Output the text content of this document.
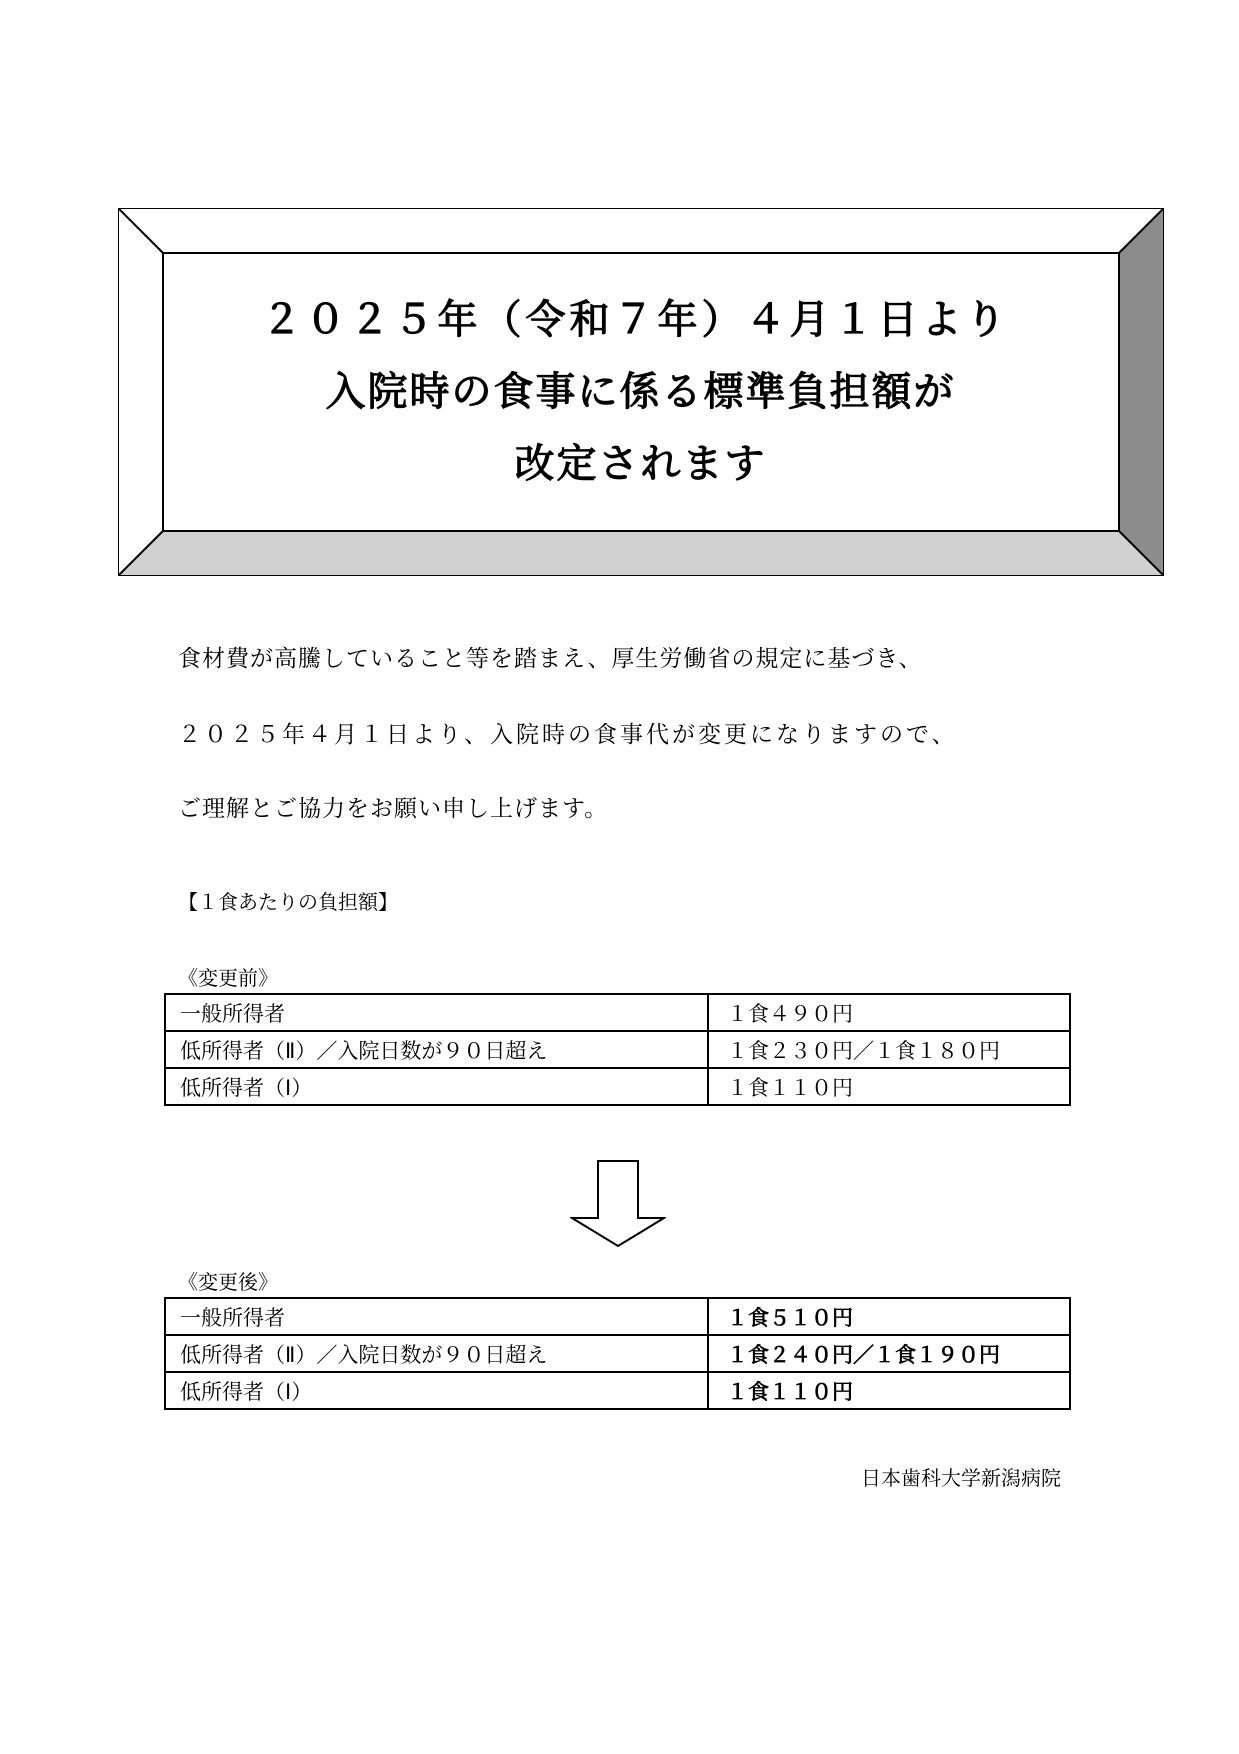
２０２５年（令和７年）４月１日より
入院時の食事に係る標準負担額が
改定されます
食材費が高騰していること等を踏まえ、厚生労働省の規定に基づき、
２０２５年４月１日より、入院時の食事代が変更になりますので、
ご理解とご協力をお願い申し上げます。
【１食あたりの負担額】
《変更前》
一般所得者	１食４９０円
低所得者（Ⅱ）／入院日数が９０日超え	１食２３０円／１食１８０円
低所得者（Ⅰ）	１食１１０円
《変更後》
一般所得者	１食５１０円
低所得者（Ⅱ）／入院日数が９０日超え	１食２４０円／１食１９０円
低所得者（Ⅰ）	１食１１０円
日本歯科大学新潟病院
